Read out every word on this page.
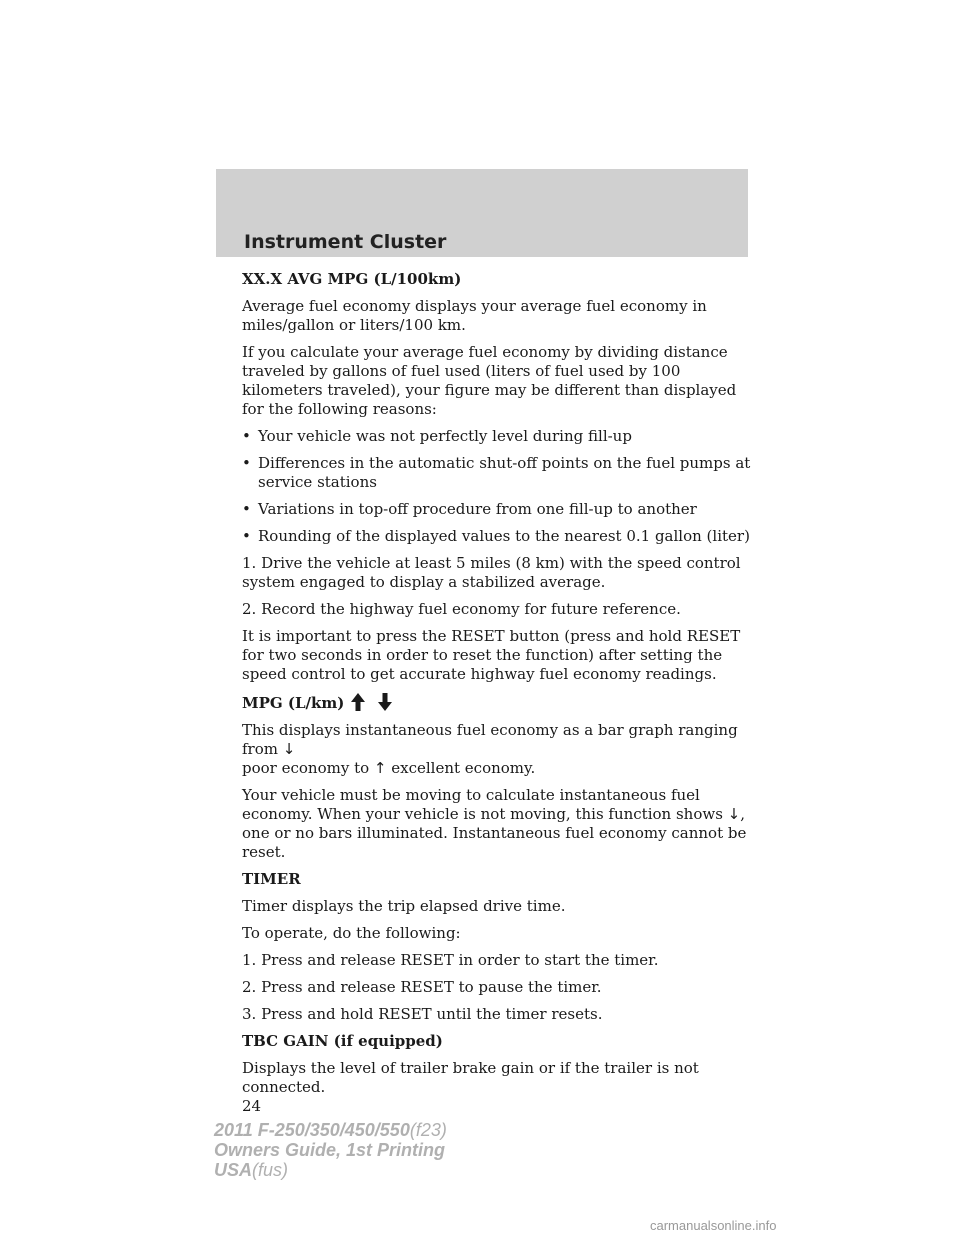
Instrument Cluster

XX.X AVG MPG (L/100km)

Average fuel economy displays your average fuel economy in miles/gallon or liters/100 km.

If you calculate your average fuel economy by dividing distance traveled by gallons of fuel used (liters of fuel used by 100 kilometers traveled), your figure may be different than displayed for the following reasons:

• Your vehicle was not perfectly level during fill-up
• Differences in the automatic shut-off points on the fuel pumps at service stations
• Variations in top-off procedure from one fill-up to another
• Rounding of the displayed values to the nearest 0.1 gallon (liter)

1. Drive the vehicle at least 5 miles (8 km) with the speed control system engaged to display a stabilized average.

2. Record the highway fuel economy for future reference.

It is important to press the RESET button (press and hold RESET for two seconds in order to reset the function) after setting the speed control to get accurate highway fuel economy readings.

MPG (L/km)

This displays instantaneous fuel economy as a bar graph ranging from ↓
poor economy to ↑ excellent economy.

Your vehicle must be moving to calculate instantaneous fuel economy. When your vehicle is not moving, this function shows ↓, one or no bars illuminated. Instantaneous fuel economy cannot be reset.

TIMER

Timer displays the trip elapsed drive time.

To operate, do the following:

1. Press and release RESET in order to start the timer.

2. Press and release RESET to pause the timer.

3. Press and hold RESET until the timer resets.

TBC GAIN (if equipped)

Displays the level of trailer brake gain or if the trailer is not connected.

24

2011 F-250/350/450/550(f23)
Owners Guide, 1st Printing
USA(fus)
carmanualsonline.info
